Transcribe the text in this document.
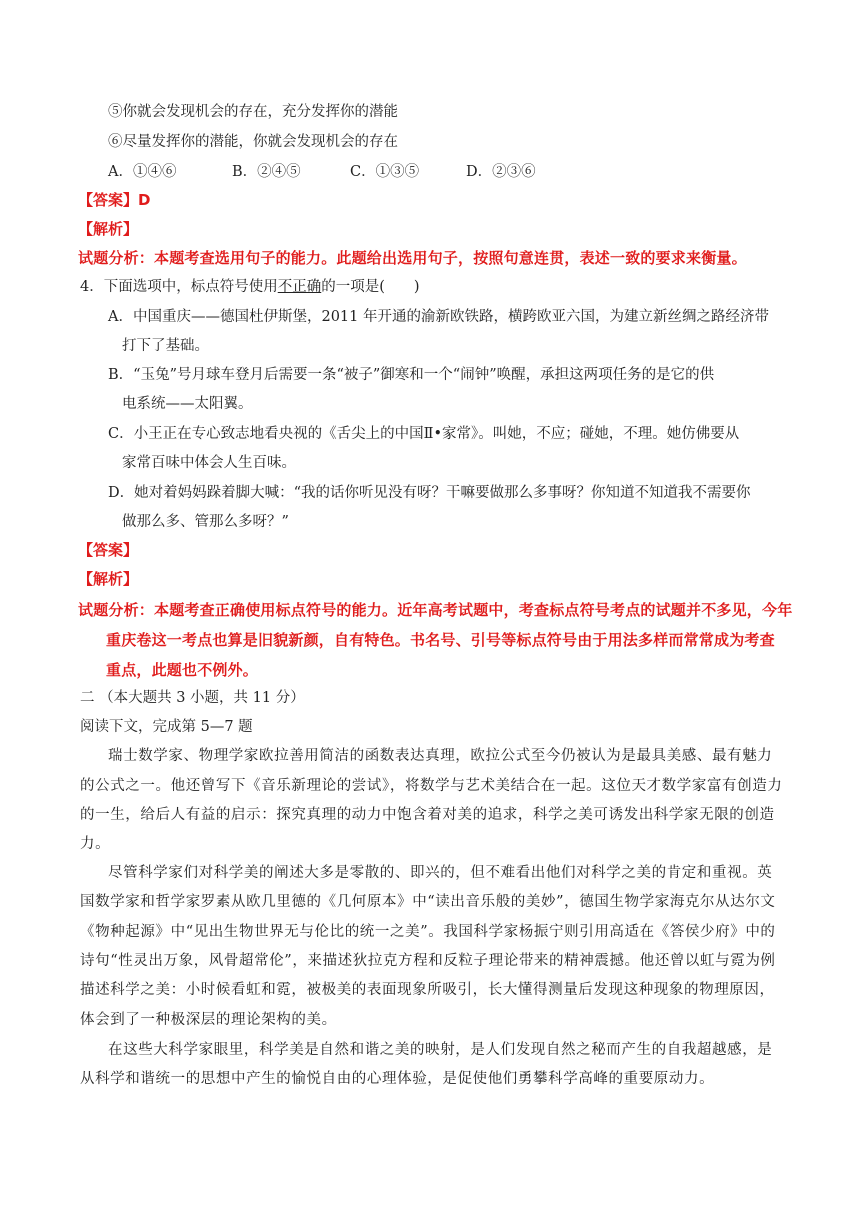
⑤你就会发现机会的存在，充分发挥你的潜能
⑥尽量发挥你的潜能，你就会发现机会的存在
A．①④⑥	B．②④⑤	C．①③⑤	D．②③⑥
【答案】D
【解析】
试题分析：本题考查选用句子的能力。此题给出选用句子，按照句意连贯，表述一致的要求来衡量。
4．下面选项中，标点符号使用不正确的一项是(　　)
A．中国重庆——德国杜伊斯堡，2011 年开通的渝新欧铁路，横跨欧亚六国，为建立新丝绸之路经济带
打下了基础。
B．“玉兔”号月球车登月后需要一条“被子”御寒和一个“闹钟”唤醒，承担这两项任务的是它的供
电系统——太阳翼。
C．小王正在专心致志地看央视的《舌尖上的中国Ⅱ•家常》。叫她，不应；碰她，不理。她仿佛要从
家常百味中体会人生百味。
D．她对着妈妈跺着脚大喊：“我的话你听见没有呀？干嘛要做那么多事呀？你知道不知道我不需要你
做那么多、管那么多呀？”
【答案】
【解析】
试题分析：本题考查正确使用标点符号的能力。近年高考试题中，考查标点符号考点的试题并不多见，今年
重庆卷这一考点也算是旧貌新颜，自有特色。书名号、引号等标点符号由于用法多样而常常成为考查
重点，此题也不例外。
二 （本大题共 3 小题，共 11 分）
阅读下文，完成第 5—7 题
瑞士数学家、物理学家欧拉善用简洁的函数表达真理，欧拉公式至今仍被认为是最具美感、最有魅力
的公式之一。他还曾写下《音乐新理论的尝试》，将数学与艺术美结合在一起。这位天才数学家富有创造力
的一生，给后人有益的启示：探究真理的动力中饱含着对美的追求，科学之美可诱发出科学家无限的创造
力。
尽管科学家们对科学美的阐述大多是零散的、即兴的，但不难看出他们对科学之美的肯定和重视。英
国数学家和哲学家罗素从欧几里德的《几何原本》中“读出音乐般的美妙”，德国生物学家海克尔从达尔文
《物种起源》中“见出生物世界无与伦比的统一之美”。我国科学家杨振宁则引用高适在《答侯少府》中的
诗句“性灵出万象，风骨超常伦”，来描述狄拉克方程和反粒子理论带来的精神震撼。他还曾以虹与霓为例
描述科学之美：小时候看虹和霓，被极美的表面现象所吸引，长大懂得测量后发现这种现象的物理原因，
体会到了一种极深层的理论架构的美。
在这些大科学家眼里，科学美是自然和谐之美的映射，是人们发现自然之秘而产生的自我超越感，是
从科学和谐统一的思想中产生的愉悦自由的心理体验，是促使他们勇攀科学高峰的重要原动力。
